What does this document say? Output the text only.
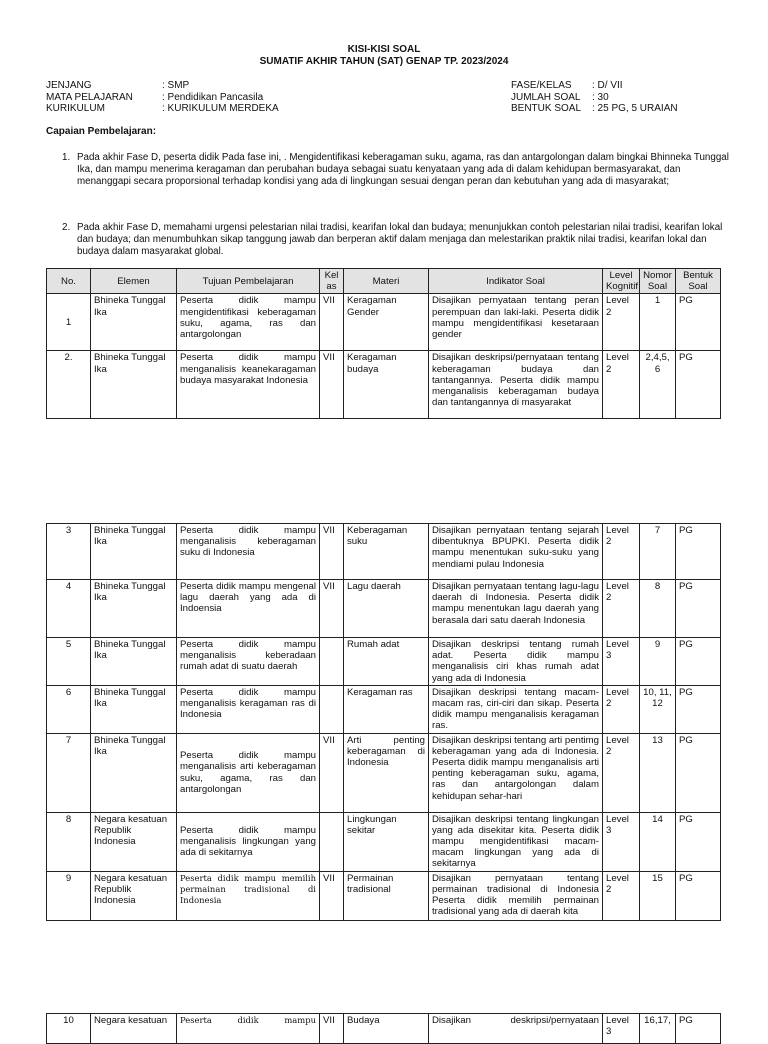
KISI-KISI SOAL
SUMATIF AKHIR TAHUN (SAT) GENAP TP. 2023/2024
JENJANG	: SMP
MATA PELAJARAN	: Pendidikan Pancasila
KURIKULUM	: KURIKULUM MERDEKA
FASE/KELAS	: D/ VII
JUMLAH SOAL	: 30
BENTUK SOAL	: 25 PG, 5 URAIAN
Capaian Pembelajaran:
1. Pada akhir Fase D, peserta didik Pada fase ini, . Mengidentifikasi keberagaman suku, agama, ras dan antargolongan dalam bingkai Bhinneka Tunggal Ika, dan mampu menerima keragaman dan perubahan budaya sebagai suatu kenyataan yang ada di dalam kehidupan bermasyarakat, dan menanggapi secara proporsional terhadap kondisi yang ada di lingkungan sesuai dengan peran dan kebutuhan yang ada di masyarakat;
2. Pada akhir Fase D, memahami urgensi pelestarian nilai tradisi, kearifan lokal dan budaya; menunjukkan contoh pelestarian nilai tradisi, kearifan lokal dan budaya; dan menumbuhkan sikap tanggung jawab dan berperan aktif dalam menjaga dan melestarikan praktik nilai tradisi, kearifan lokal dan budaya dalam masyarakat global.
No.	Elemen	Tujuan Pembelajaran	Kel as	Materi	Indikator Soal	Level Kognitif	Nomor Soal	Bentuk Soal
1	Bhineka Tunggal Ika	Peserta didik mampu mengidentifikasi keberagaman suku, agama, ras dan antargolongan	VII	Keragaman Gender	Disajikan pernyataan tentang peran perempuan dan laki-laki. Peserta didik mampu mengidentifikasi kesetaraan gender	Level 2	1	PG
2.	Bhineka Tunggal Ika	Peserta didik mampu menganalisis keanekaragaman budaya masyarakat Indonesia	VII	Keragaman budaya	Disajikan deskripsi/pernyataan tentang keberagaman budaya dan tantangannya. Peserta didik mampu menganalisis keberagaman budaya dan tantangannya di masyarakat	Level 2	2,4,5, 6	PG
3	Bhineka Tunggal Ika	Peserta didik mampu menganalisis keberagaman suku di Indonesia	VII	Keberagaman suku	Disajikan pernyataan tentang sejarah dibentuknya BPUPKI. Peserta didik mampu menentukan suku-suku yang mendiami pulau Indonesia	Level 2	7	PG
4	Bhineka Tunggal Ika	Peserta didik mampu mengenal lagu daerah yang ada di Indoensia	VII	Lagu daerah	Disajikan pernyataan tentang lagu-lagu daerah di Indonesia. Peserta didik mampu menentukan lagu daerah yang berasala dari satu daerah Indonesia	Level 2	8	PG
5	Bhineka Tunggal Ika	Peserta didik mampu menganalisis keberadaan rumah adat di suatu daerah		Rumah adat	Disajikan deskripsi tentang rumah adat. Peserta didik mampu menganalisis ciri khas rumah adat yang ada di Indonesia	Level 3	9	PG
6	Bhineka Tunggal Ika	Peserta didik mampu menganalisis keragaman ras di Indonesia		Keragaman ras	Disajikan deskripsi tentang macam-macam ras, ciri-ciri dan sikap. Peserta didik mampu menganalisis keragaman ras.	Level 2	10, 11, 12	PG
7	Bhineka Tunggal Ika	Peserta didik mampu menganalisis arti keberagaman suku, agama, ras dan antargolongan	VII	Arti penting keberagaman di Indonesia	Disajikan deskripsi tentang arti pentimg keberagaman yang ada di Indonesia. Peserta didik mampu menganalisis arti penting keberagaman suku, agama, ras dan antargolongan dalam kehidupan sehar-hari	Level 2	13	PG
8	Negara kesatuan Republik Indonesia	Peserta didik mampu menganalisis lingkungan yang ada di sekitarnya		Lingkungan sekitar	Disajikan deskripsi tentang lingkungan yang ada disekitar kita. Peserta didik mampu mengidentifikasi macam-macam lingkungan yang ada di sekitarnya	Level 3	14	PG
9	Negara kesatuan Republik Indonesia	Peserta didik mampu memilih permainan tradisional di Indonesia	VII	Permainan tradisional	Disajikan pernyataan tentang permainan tradisional di Indonesia Peserta didik memilih permainan tradisional yang ada di daerah kita	Level 2	15	PG
10	Negara kesatuan	Peserta didik mampu	VII	Budaya	Disajikan deskripsi/pernyataan	Level 3	16,17,	PG
